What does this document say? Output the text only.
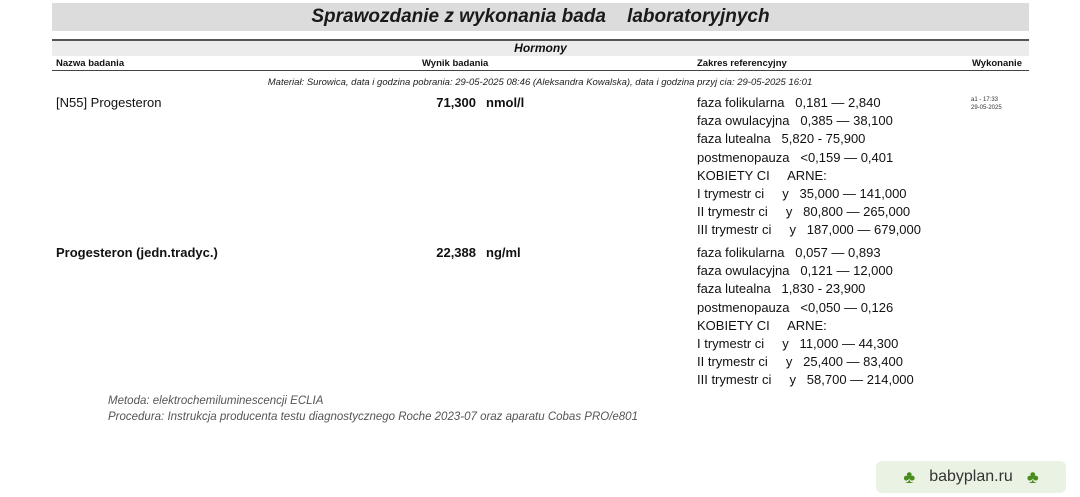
Sprawozdanie z wykonania bada    laboratoryjnych
Hormony
Nazwa badania	Wynik badania	Zakres referencyjny	Wykonanie
Materiał: Surowica, data i godzina pobrania: 29-05-2025 08:46 (Aleksandra Kowalska), data i godzina przyj cia: 29-05-2025 16:01
[N55] Progesteron	71,300 nmol/l	faza folikularna   0,181 — 2,840
faza owulacyjna   0,385 — 38,100
faza lutealna   5,820 - 75,900
postmenopauza   <0,159 — 0,401
KOBIETY CI     ARNE:
I trymestr ci     y   35,000 — 141,000
II trymestr ci     y   80,800 — 265,000
III trymestr ci     y   187,000 — 679,000
a1 - 17:33
29-05-2025
Progesteron (jedn.tradyc.)	22,388 ng/ml	faza folikularna   0,057 — 0,893
faza owulacyjna   0,121 — 12,000
faza lutealna   1,830 - 23,900
postmenopauza   <0,050 — 0,126
KOBIETY CI     ARNE:
I trymestr ci     y   11,000 — 44,300
II trymestr ci     y   25,400 — 83,400
III trymestr ci     y   58,700 — 214,000
Metoda: elektrochemiluminescencji ECLIA
Procedura: Instrukcja producenta testu diagnostycznego Roche 2023-07 oraz aparatu Cobas PRO/e801
♣ babyplan.ru ♣
